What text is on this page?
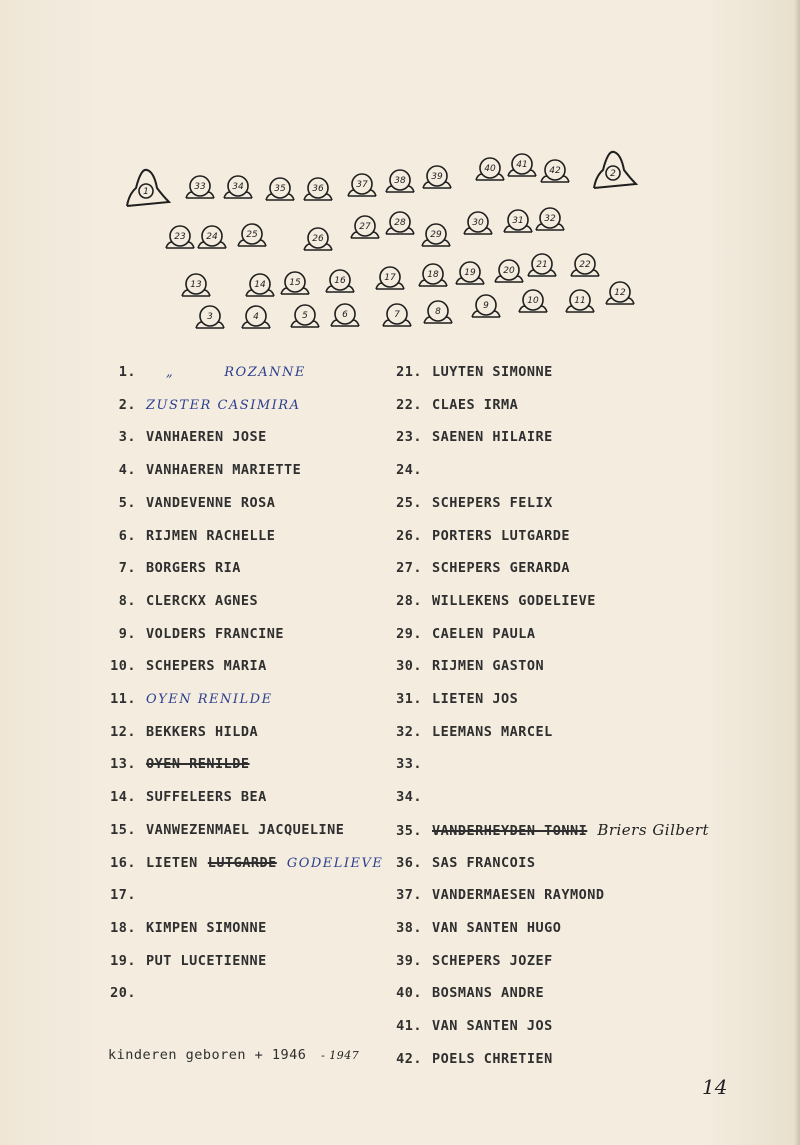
1	33	34	35	36	37	38	39
40 41
42	2
23 24	25	26
27	28
29
30	31 32
13	14	15	16	17	18	19	20
21	22
3	4	5	6	7	8
9	10	11
12
1. „	ROZANNE
2. ZUSTER CASIMIRA
3. VANHAEREN JOSE
4. VANHAEREN MARIETTE
5. VANDEVENNE ROSA
6. RIJMEN RACHELLE
7. BORGERS RIA
8. CLERCKX AGNES
9. VOLDERS FRANCINE
10. SCHEPERS MARIA
11. OYEN RENILDE
12. BEKKERS HILDA
13. OYEN RENILDE
14. SUFFELEERS BEA
15. VANWEZENMAEL JACQUELINE
16. LIETEN LUTGARDE GODELIEVE
17.
18. KIMPEN SIMONNE
19. PUT LUCETIENNE
20.
21. LUYTEN SIMONNE
22. CLAES IRMA
23. SAENEN HILAIRE
24.
25. SCHEPERS FELIX
26. PORTERS LUTGARDE
27. SCHEPERS GERARDA
28. WILLEKENS GODELIEVE
29. CAELEN PAULA
30. RIJMEN GASTON
31. LIETEN JOS
32. LEEMANS MARCEL
33.
34.
35. VANDERHEYDEN TONNI Briers Gilbert
36. SAS FRANCOIS
37. VANDERMAESEN RAYMOND
38. VAN SANTEN HUGO
39. SCHEPERS JOZEF
40. BOSMANS ANDRE
41. VAN SANTEN JOS
42. POELS CHRETIEN
kinderen geboren + 1946 - 1947
14
